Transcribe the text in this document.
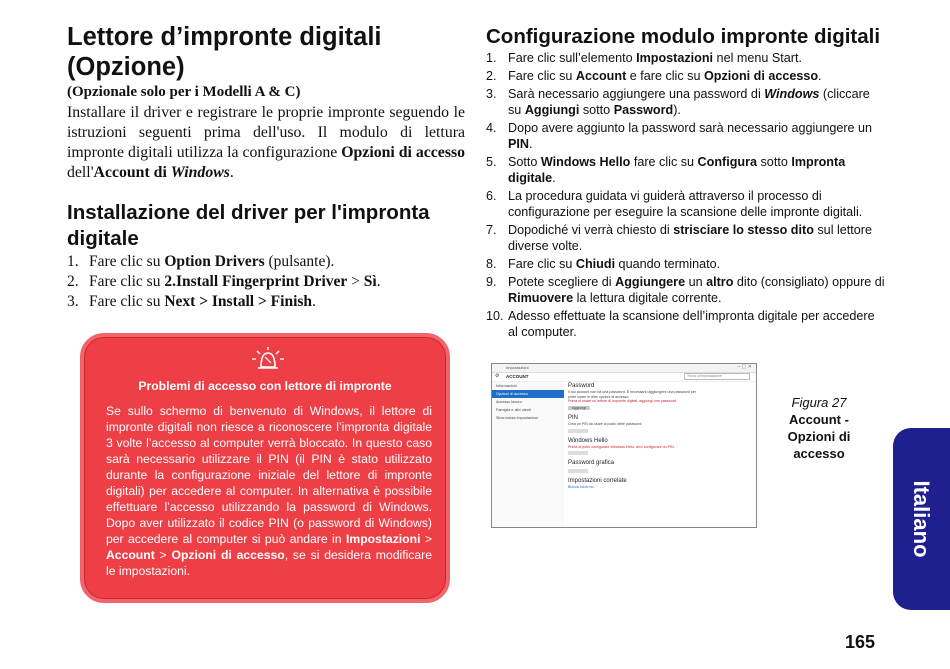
Lettore d’impronte digitali (Opzione)
(Opzionale solo per i Modelli A & C)
Installare il driver e registrare le proprie impronte seguendo le istruzioni seguenti prima dell'uso. Il modulo di lettura impronte digitali utilizza la configurazione Opzioni di accesso dell'Account di Windows.
Installazione del driver per l'impronta digitale
1. Fare clic su Option Drivers (pulsante).
2. Fare clic su 2.Install Fingerprint Driver > Sì.
3. Fare clic su Next > Install > Finish.
Problemi di accesso con lettore di impronte
Se sullo schermo di benvenuto di Windows, il lettore di impronte digitali non riesce a riconoscere l’impronta digitale 3 volte l’accesso al computer verrà bloccato. In questo caso sarà necessario utilizzare il PIN (il PIN è stato utilizzato durante la configurazione iniziale del lettore di impronte digitali) per accedere al computer. In alternativa è possibile effettuare l’accesso utilizzando la password di Windows. Dopo aver utilizzato il codice PIN (o password di Windows) per accedere al computer si può andare in Impostazioni > Account > Opzioni di accesso, se si desidera modificare le impostazioni.
Configurazione modulo impronte digitali
1. Fare clic sull’elemento Impostazioni nel menu Start.
2. Fare clic su Account e fare clic su Opzioni di accesso.
3. Sarà necessario aggiungere una password di Windows (cliccare su Aggiungi sotto Password).
4. Dopo avere aggiunto la password sarà necessario aggiungere un PIN.
5. Sotto Windows Hello fare clic su Configura sotto Impronta digitale.
6. La procedura guidata vi guiderà attraverso il processo di configurazione per eseguire la scansione delle impronte digitali.
7. Dopodiché vi verrà chiesto di strisciare lo stesso dito sul lettore diverse volte.
8. Fare clic su Chiudi quando terminato.
9. Potete scegliere di Aggiungere un altro dito (consigliato) oppure di Rimuovere la lettura digitale corrente.
10. Adesso effettuate la scansione dell’impronta digitale per accedere al computer.
Impostazioni	– ▢ ✕
⚙ ACCOUNT	Trova un'impostazione
Informazioni
Opzioni di accesso
Accesso lavoro
Famiglia e altri utenti
Sincronizza impostazioni
Password
Il tuo account non ha una password. È necessario aggiungere una password per poter usare le altre opzioni di accesso.
Prima di usare un lettore di impronte digitali, aggiungi una password.
Aggiungi
PIN
Crea un PIN da usare al posto delle password.
Windows Hello
Prima di poter configurare Windows Hello, devi configurare un PIN.
Password grafica
Impostazioni correlate
Blocca schermo
Figura 27
Account - Opzioni di accesso
Italiano
165
